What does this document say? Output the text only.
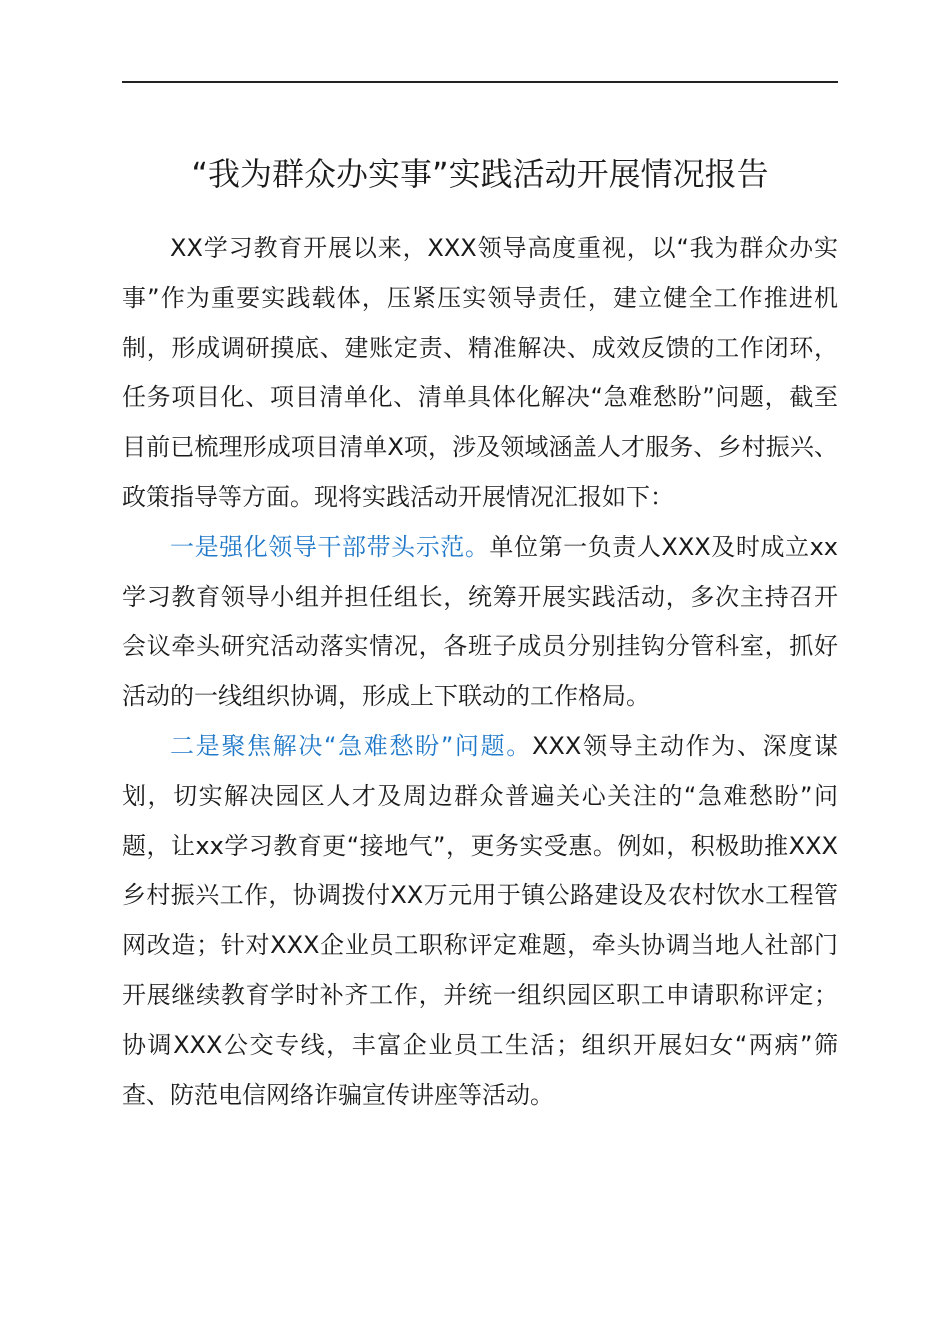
“我为群众办实事”实践活动开展情况报告

XX学习教育开展以来，XXX领导高度重视，以“我为群众办实事”作为重要实践载体，压紧压实领导责任，建立健全工作推进机制，形成调研摸底、建账定责、精准解决、成效反馈的工作闭环，任务项目化、项目清单化、清单具体化解决“急难愁盼”问题，截至目前已梳理形成项目清单X项，涉及领域涵盖人才服务、乡村振兴、政策指导等方面。现将实践活动开展情况汇报如下：

一是强化领导干部带头示范。单位第一负责人XXX及时成立xx学习教育领导小组并担任组长，统筹开展实践活动，多次主持召开会议牵头研究活动落实情况，各班子成员分别挂钩分管科室，抓好活动的一线组织协调，形成上下联动的工作格局。

二是聚焦解决“急难愁盼”问题。XXX领导主动作为、深度谋划，切实解决园区人才及周边群众普遍关心关注的“急难愁盼”问题，让xx学习教育更“接地气”，更务实受惠。例如，积极助推XXX乡村振兴工作，协调拨付XX万元用于镇公路建设及农村饮水工程管网改造；针对XXX企业员工职称评定难题，牵头协调当地人社部门开展继续教育学时补齐工作，并统一组织园区职工申请职称评定；协调XXX公交专线，丰富企业员工生活；组织开展妇女“两病”筛查、防范电信网络诈骗宣传讲座等活动。
